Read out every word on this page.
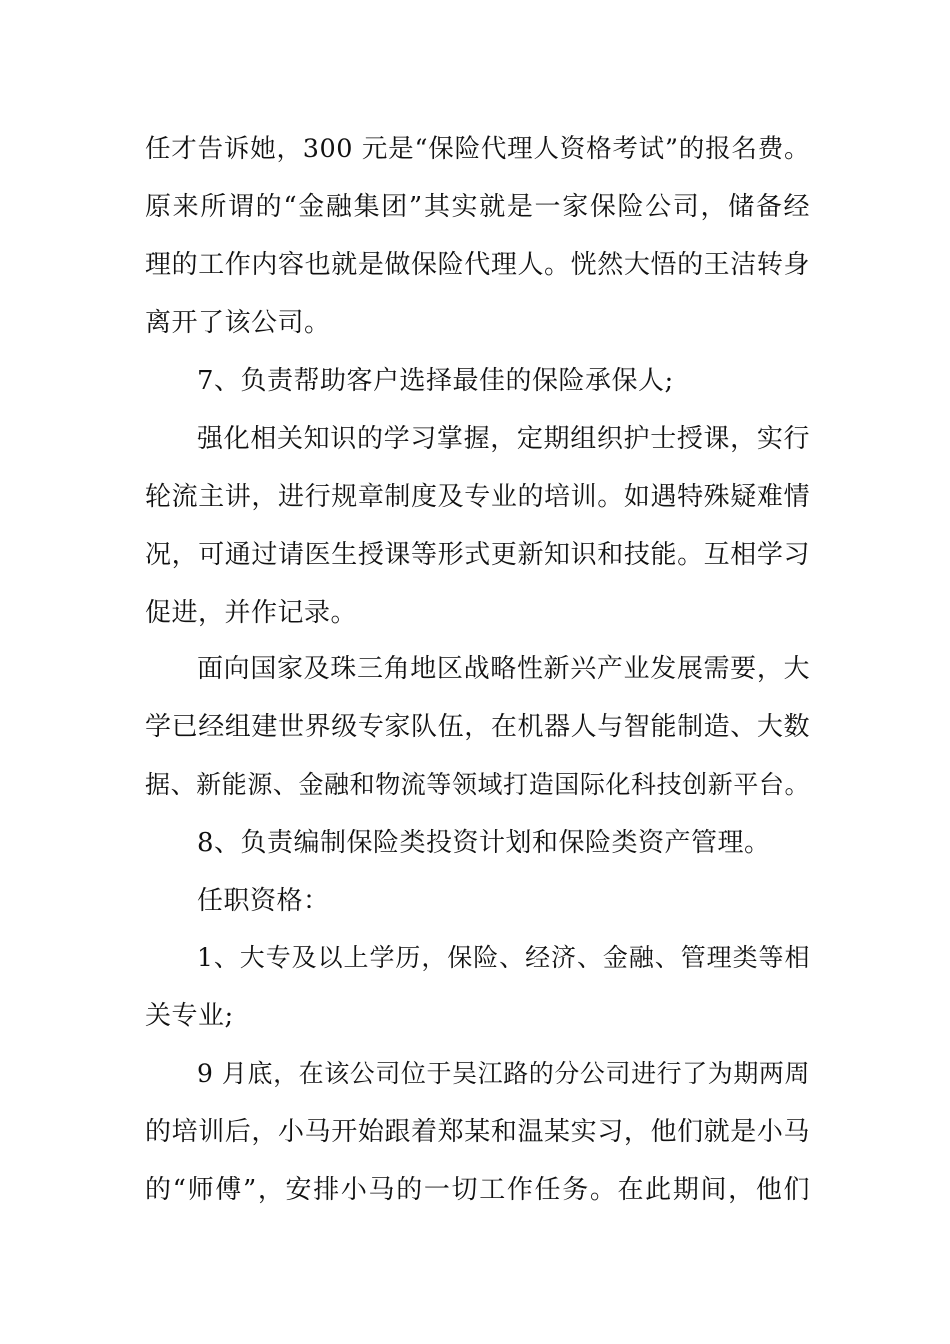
任才告诉她，300 元是“保险代理人资格考试”的报名费。
原来所谓的“金融集团”其实就是一家保险公司，储备经
理的工作内容也就是做保险代理人。恍然大悟的王洁转身
离开了该公司。
7、负责帮助客户选择最佳的保险承保人;
强化相关知识的学习掌握，定期组织护士授课，实行
轮流主讲，进行规章制度及专业的培训。如遇特殊疑难情
况，可通过请医生授课等形式更新知识和技能。互相学习
促进，并作记录。
面向国家及珠三角地区战略性新兴产业发展需要，大
学已经组建世界级专家队伍，在机器人与智能制造、大数
据、新能源、金融和物流等领域打造国际化科技创新平台。
8、负责编制保险类投资计划和保险类资产管理。
任职资格：
1、大专及以上学历，保险、经济、金融、管理类等相
关专业;
9 月底，在该公司位于吴江路的分公司进行了为期两周
的培训后，小马开始跟着郑某和温某实习，他们就是小马
的“师傅”，安排小马的一切工作任务。在此期间，他们
